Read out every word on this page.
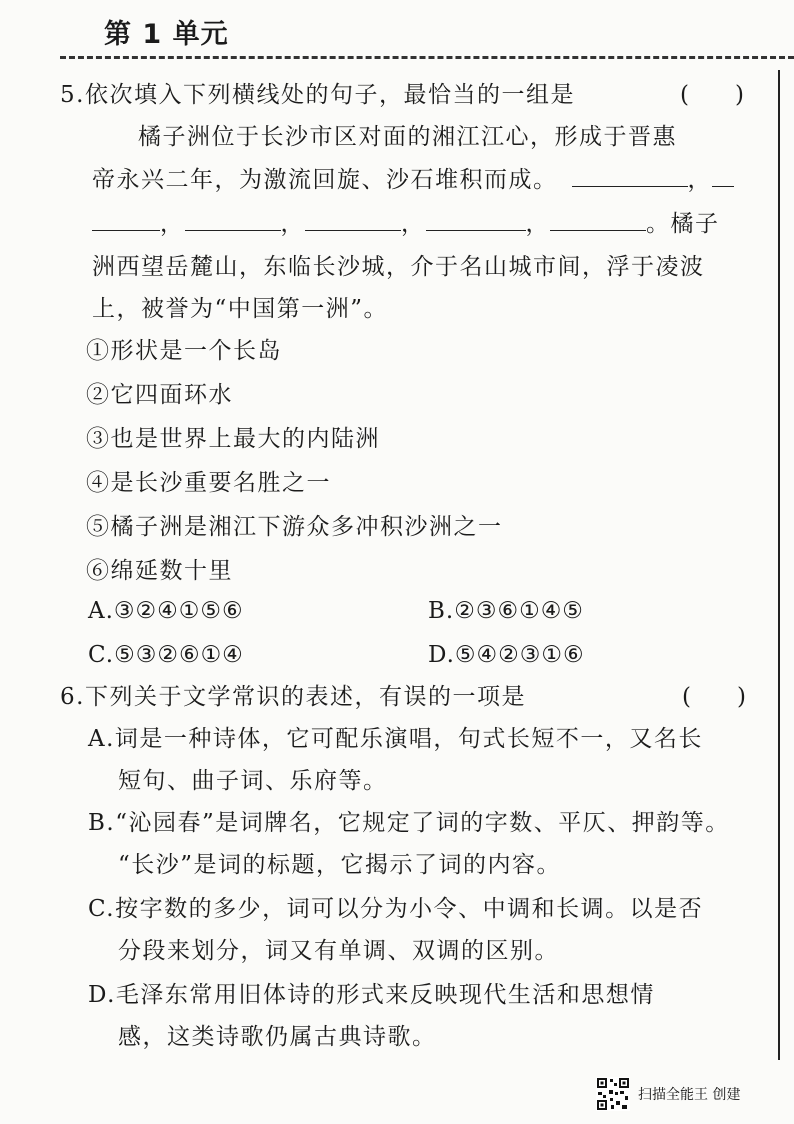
第 1 单元
5.依次填入下列横线处的句子，最恰当的一组是	(　　)
橘子洲位于长沙市区对面的湘江江心，形成于晋惠
帝永兴二年，为激流回旋、沙石堆积而成。	，
，	，	，	，	。橘子
洲西望岳麓山，东临长沙城，介于名山城市间，浮于凌波
上，被誉为“中国第一洲”。
①形状是一个长岛
②它四面环水
③也是世界上最大的内陆洲
④是长沙重要名胜之一
⑤橘子洲是湘江下游众多冲积沙洲之一
⑥绵延数十里
A.③②④①⑤⑥	B.②③⑥①④⑤
C.⑤③②⑥①④	D.⑤④②③①⑥
6.下列关于文学常识的表述，有误的一项是	(　　)
A.词是一种诗体，它可配乐演唱，句式长短不一，又名长
短句、曲子词、乐府等。
B.“沁园春”是词牌名，它规定了词的字数、平仄、押韵等。
“长沙”是词的标题，它揭示了词的内容。
C.按字数的多少，词可以分为小令、中调和长调。以是否
分段来划分，词又有单调、双调的区别。
D.毛泽东常用旧体诗的形式来反映现代生活和思想情
感，这类诗歌仍属古典诗歌。
扫描全能王 创建
